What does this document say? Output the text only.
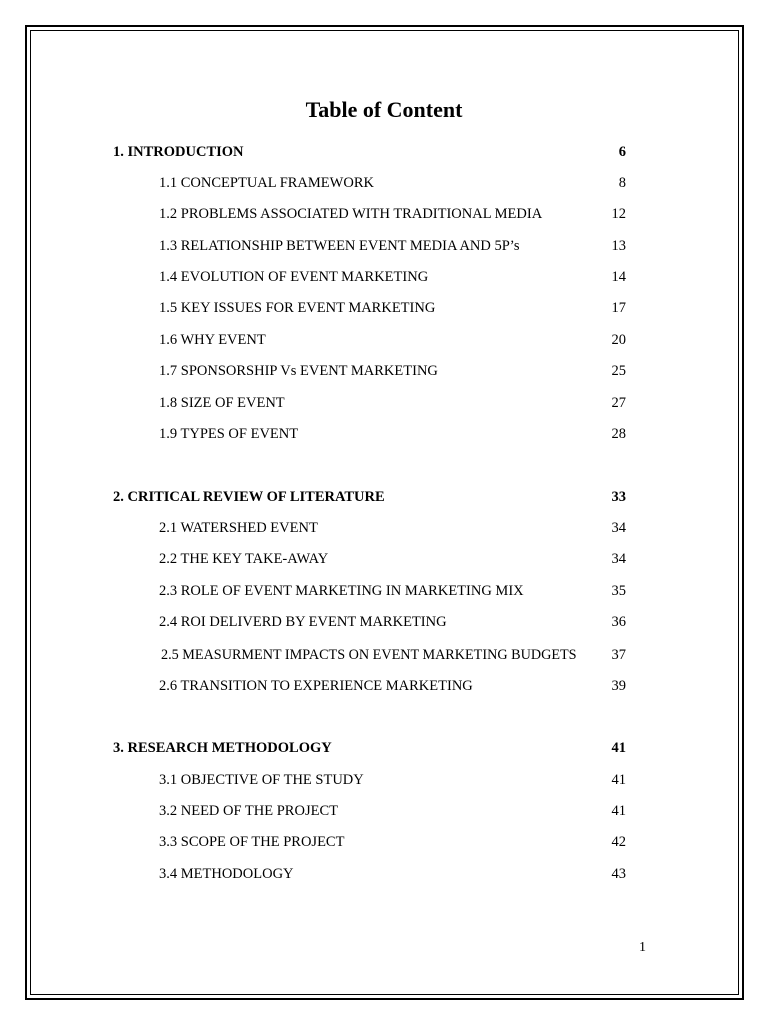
Table of Content
1. INTRODUCTION	6
1.1 CONCEPTUAL FRAMEWORK	8
1.2 PROBLEMS ASSOCIATED WITH TRADITIONAL MEDIA	12
1.3 RELATIONSHIP BETWEEN EVENT MEDIA AND 5P’s	13
1.4 EVOLUTION OF EVENT MARKETING	14
1.5 KEY ISSUES FOR EVENT MARKETING	17
1.6 WHY EVENT	20
1.7 SPONSORSHIP Vs EVENT MARKETING	25
1.8 SIZE OF EVENT	27
1.9 TYPES OF EVENT	28
2. CRITICAL REVIEW OF LITERATURE	33
2.1 WATERSHED EVENT	34
2.2 THE KEY TAKE-AWAY	34
2.3 ROLE OF EVENT MARKETING IN MARKETING MIX	35
2.4 ROI DELIVERD BY EVENT MARKETING	36
2.5 MEASURMENT IMPACTS ON EVENT MARKETING BUDGETS	37
2.6 TRANSITION TO EXPERIENCE MARKETING	39
3. RESEARCH METHODOLOGY	41
3.1 OBJECTIVE OF THE STUDY	41
3.2 NEED OF THE PROJECT	41
3.3 SCOPE OF THE PROJECT	42
3.4 METHODOLOGY	43
1
